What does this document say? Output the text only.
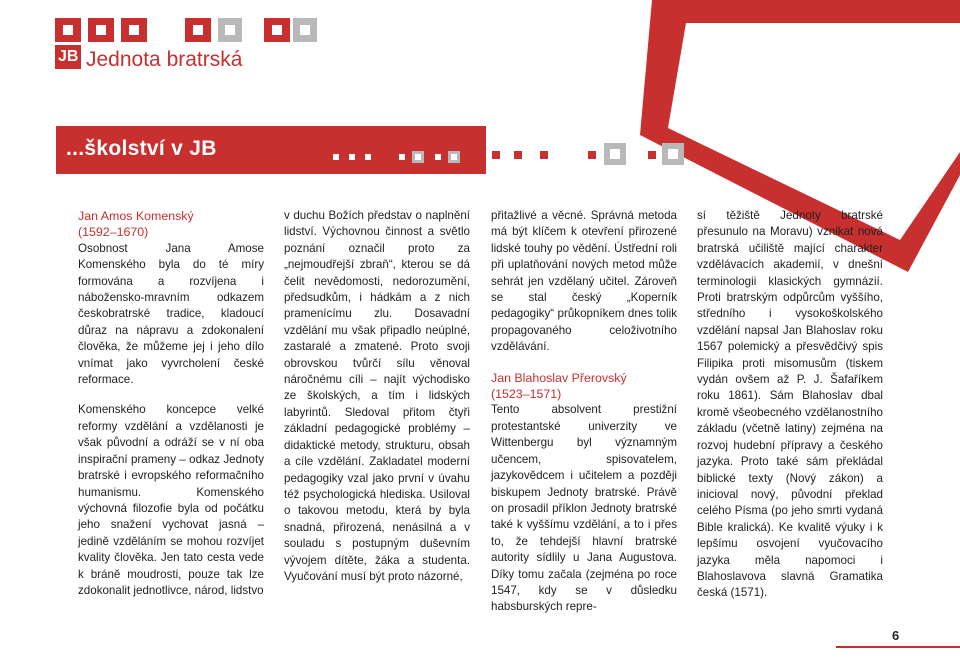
JB Jednota bratrská
...školství v JB

Jan Amos Komenský

(1592–1670)

Osobnost Jana Amose Komenského byla do té míry formována a rozvíjena i nábožensko-mravním odkazem českobratrské tradice, kladoucí důraz na nápravu a zdokonalení člověka, že můžeme jej i jeho dílo vnímat jako vyvrcholení české reformace.

Komenského koncepce velké reformy vzdělání a vzdělanosti je však původní a odráží se v ní oba inspirační prameny – odkaz Jednoty bratrské i evropského reformačního humanismu. Komenského výchovná filozofie byla od počátku jeho snažení vychovat jasná – jedině vzděláním se mohou rozvíjet kvality člověka. Jen tato cesta vede k bráně moudrosti, pouze tak lze zdokonalit jednotlivce, národ, lidstvo

v duchu Božích představ o naplnění lidství. Výchovnou činnost a světlo poznání označil proto za „nejmoudřejší zbraň“, kterou se dá čelit nevědomosti, nedorozumění, předsudkům, i hádkám a z nich pramenícímu zlu. Dosavadní vzdělání mu však připadlo neúplné, zastaralé a zmatené. Proto svoji obrovskou tvůrčí sílu věnoval náročnému cíli – najít východisko ze školských, a tím i lidských labyrintů. Sledoval přitom čtyři základní pedagogické problémy – didaktické metody, strukturu, obsah a cíle vzdělání. Zakladatel moderní pedagogiky vzal jako první v úvahu též psychologická hlediska. Usiloval o takovou metodu, která by byla snadná, přirozená, nenásilná a v souladu s postupným duševním vývojem dítěte, žáka a studenta. Vyučování musí být proto názorné,

přitažlivé a věcné. Správná metoda má být klíčem k otevření přirozené lidské touhy po vědění. Ústřední roli při uplatňování nových metod může sehrát jen vzdělaný učitel. Zároveň se stal český „Koperník pedagogiky“ průkopníkem dnes tolik propagovaného celoživotního vzdělávání.

Jan Blahoslav Přerovský

(1523–1571)

Tento absolvent prestižní protestantské univerzity ve Wittenbergu byl významným učencem, spisovatelem, jazykovědcem i učitelem a později biskupem Jednoty bratrské. Právě on prosadil příklon Jednoty bratrské také k vyššímu vzdělání, a to i přes to, že tehdejší hlavní bratrské autority sídlily u Jana Augustova. Díky tomu začala (zejména po roce 1547, kdy se v důsledku habsburských repre-

sí těžiště Jednoty bratrské přesunulo na Moravu) vznikat nová bratrská učiliště mající charakter vzdělávacích akademií, v dnešní terminologii klasických gymnázií. Proti bratrským odpůrcům vyššího, středního i vysokoškolského vzdělání napsal Jan Blahoslav roku 1567 polemický a přesvědčivý spis Filipika proti misomusům (tiskem vydán ovšem až P. J. Šafaříkem roku 1861). Sám Blahoslav dbal kromě všeobecného vzdělanostního základu (včetně latiny) zejména na rozvoj hudební přípravy a českého jazyka. Proto také sám překládal biblické texty (Nový zákon) a inicioval nový, původní překlad celého Písma (po jeho smrti vydaná Bible kralická). Ke kvalitě výuky i k lepšímu osvojení vyučovacího jazyka měla napomoci i Blahoslavova slavná Gramatika česká (1571).

6
